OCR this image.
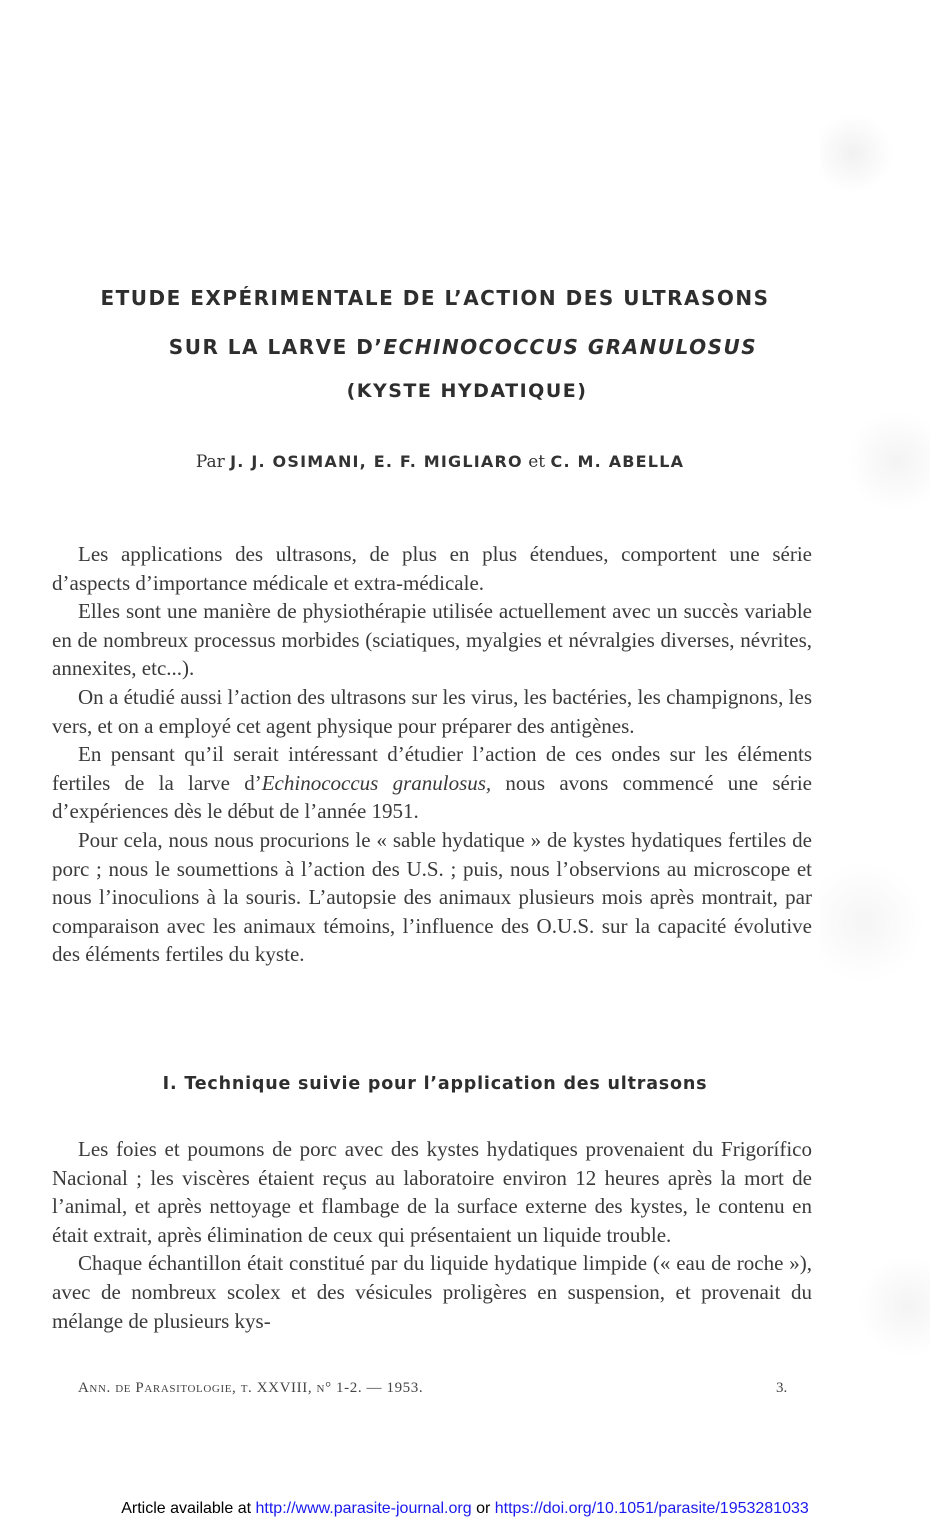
ETUDE EXPÉRIMENTALE DE L’ACTION DES ULTRASONS
SUR LA LARVE D’ECHINOCOCCUS GRANULOSUS
(KYSTE HYDATIQUE)
Par J. J. OSIMANI, E. F. MIGLIARO et C. M. ABELLA

Les applications des ultrasons, de plus en plus étendues, comportent une série d’aspects d’importance médicale et extra-médicale.

Elles sont une manière de physiothérapie utilisée actuellement avec un succès variable en de nombreux processus morbides (sciatiques, myalgies et névralgies diverses, névrites, annexites, etc...).

On a étudié aussi l’action des ultrasons sur les virus, les bactéries, les champignons, les vers, et on a employé cet agent physique pour préparer des antigènes.

En pensant qu’il serait intéressant d’étudier l’action de ces ondes sur les éléments fertiles de la larve d’Echinococcus granulosus, nous avons commencé une série d’expériences dès le début de l’année 1951.

Pour cela, nous nous procurions le « sable hydatique » de kystes hydatiques fertiles de porc ; nous le soumettions à l’action des U.S. ; puis, nous l’observions au microscope et nous l’inoculions à la souris. L’autopsie des animaux plusieurs mois après montrait, par comparaison avec les animaux témoins, l’influence des O.U.S. sur la capacité évolutive des éléments fertiles du kyste.

I. Technique suivie pour l’application des ultrasons

Les foies et poumons de porc avec des kystes hydatiques provenaient du Frigorífico Nacional ; les viscères étaient reçus au laboratoire environ 12 heures après la mort de l’animal, et après nettoyage et flambage de la surface externe des kystes, le contenu en était extrait, après élimination de ceux qui présentaient un liquide trouble.

Chaque échantillon était constitué par du liquide hydatique limpide (« eau de roche »), avec de nombreux scolex et des vésicules proligères en suspension, et provenait du mélange de plusieurs kys-

Ann. de Parasitologie, t. XXVIII, n° 1-2. — 1953.	3.
Article available at http://www.parasite-journal.org or https://doi.org/10.1051/parasite/1953281033
